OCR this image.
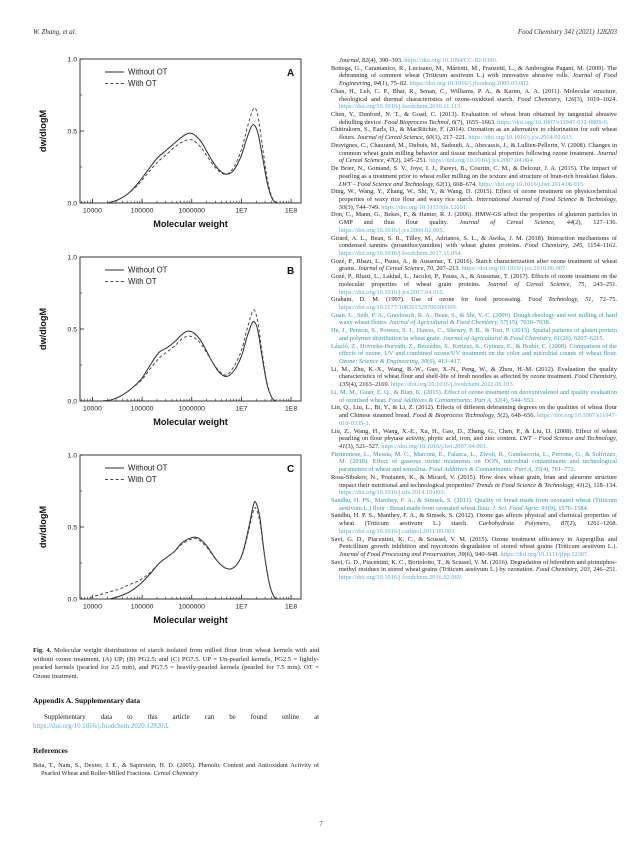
W. Zhang, et al.	Food Chemistry 341 (2021) 128203
10000	100000	1000000	1E7	1E8
0.0
0.5
1.0
Molecular weight
dw/dlogM
Without OT
With OT
A
10000	100000	1000000	1E7	1E8
0.0
0.5
1.0
Molecular weight
dw/dlogM
Without OT
With OT
B
10000	100000	1000000	1E7	1E8
0.0
0.5
1.0
Molecular weight
dw/dlogM
Without OT
With OT
C
Fig. 4. Molecular weight distributions of starch isolated from milled flour from wheat kernels with and without ozone treatment. (A) UP; (B) PG2.5; and (C) PG7.5. UP = Un-pearled kernels, PG2.5 = lightly-pearled kernels (pearled for 2.5 min), and PG7.5 = heavily-pearled kernels (pearled for 7.5 min). OT = Ozone treatment.
Appendix A. Supplementary data
Supplementary data to this article can be found online at https://doi.org/10.1016/j.foodchem.2020.128203.
References
Beta, T., Nam, S., Dexter, J. E., & Sapirstein, H. D. (2005). Phenolic Content and Antioxidant Activity of Pearled Wheat and Roller-Milled Fractions. Cereal Chemistry
Journal, 82(4), 390–393. https://doi.org/10.1094/CC-82-0390.
Bottega, G., Caramanico, R., Lucisano, M., Mariotti, M., Franzetti, L., & Ambrogina Pagani, M. (2009). The debranning of common wheat (Triticum aestivum L.) with innovative abrasive rolls. Journal of Food Engineering, 94(1), 75–82. https://doi.org/10.1016/j.jfoodeng.2009.03.002.
Chan, H., Leh, C. P., Bhat, R., Senan, C., Williams, P. A., & Karim, A. A. (2011). Molecular structure, rheological and thermal characteristics of ozone-oxidized starch. Food Chemistry, 126(3), 1019–1024. https://doi.org/10.1016/j.foodchem.2010.11.113.
Chen, Y., Dunford, N. T., & Goad, C. (2013). Evaluation of wheat bran obtained by tangential abrasive dehulling device. Food Bioprocess Technol, 6(7), 1655–1663. https://doi.org/10.1007/s11947-012-0809-6.
Chittrakorn, S., Earls, D., & MacRitchie, F. (2014). Ozonation as an alternative to chlorination for soft wheat flours. Journal of Cereal Science, 60(1), 217–221. https://doi.org/10.1016/j.jcs.2014.02.013.
Desvignes, C., Chaurand, M., Dubois, M., Sadoudi, A., Abecassis, J., & Lullien-Pellerin, V. (2008). Changes in common wheat grain milling behavior and tissue mechanical properties following ozone treatment. Journal of Cereal Science, 47(2), 245–251. https://doi.org/10.1016/j.jcs.2007.04.004.
De Brier, N., Gomand, S. V., Joye, I. J., Pareyt, B., Courtin, C. M., & Delcour, J. A. (2015). The impact of pearling as a treatment prior to wheat roller milling on the texture and structure of bran-rich breakfast flakes. LWT – Food Science and Technology, 62(1), 668–674. https://doi.org/10.1016/j.lwt.2014.08.015.
Ding, W., Wang, Y., Zhang, W., Shi, Y., & Wang, D. (2015). Effect of ozone treatment on physicochemical properties of waxy rice flour and waxy rice starch. International Journal of Food Science & Technology, 50(3), 744–749. https://doi.org/10.1111/ijfs.12691.
Don, C., Mann, G., Bekes, F., & Hamer, R. J. (2006). HMW-GS affect the properties of glutenin particles in GMP and thus flour quality. Journal of Cereal Science, 44(2), 127–136. https://doi.org/10.1016/j.jcs.2006.02.005.
Girard, A. L., Bean, S. R., Tilley, M., Adrianos, S. L., & Awika, J. M. (2018). Interaction mechanisms of condensed tannins (proanthocyanidins) with wheat gluten proteins. Food Chemistry, 245, 1154–1162. https://doi.org/10.1016/j.foodchem.2017.11.054.
Gozé, P., Rhazi, L., Pauss, A., & Aussenac, T. (2016). Starch characterization after ozone treatment of wheat grains. Journal of Cereal Science, 70, 207–213. https://doi.org/10.1016/j.jcs.2016.06.007.
Gozé, P., Rhazi, L., Lakhal, L., Jacolot, P., Pauss, A., & Aussenac, T. (2017). Effects of ozone treatment on the molecular properties of wheat grain proteins. Journal of Cereal Science, 75, 243–251. https://doi.org/10.1016/j.jcs.2017.04.016.
Graham, D. M. (1997). Use of ozone for food processing. Food Technology, 51, 72–75. https://doi.org/10.1177/108201329700300309.
Guan, L., Seib, P. A., Graybosch, R. A., Bean, S., & Shi, Y.-C. (2009). Dough rheology and wet milling of hard waxy wheat flours. Journal of Agricultural & Food Chemistry, 57(15), 7030–7038.
He, J., Penson, S., Powers, S. J., Hawes, C., Shewry, P. R., & Tosi, P. (2013). Spatial patterns of gluten protein and polymer distribution in wheat grain. Journal of Agricultural & Food Chemistry, 61(26), 6207–6215.
László, Z., Hovorka-Horváth, Z., Beszédes, S., Kertész, S., Gyimes, E., & Hodúr, C. (2008). Comparison of the effects of ozone, UV and combined ozone/UV treatment on the color and microbial counts of wheat flour. Ozone: Science & Engineering, 30(6), 413–417.
Li, M., Zhu, K.-X., Wang, B.-W., Guo, X.-N., Peng, W., & Zhou, H.-M. (2012). Evaluation the quality characteristics of wheat flour and shelf-life of fresh noodles as affected by ozone treatment. Food Chemistry, 135(4), 2163–2169. https://doi.org/10.1016/j.foodchem.2012.06.103.
Li, M. M., Guan, E. Q., & Bian, K. (2015). Effect of ozone treatment on deoxynivalenol and quality evaluation of ozonised wheat. Food Additives & Contaminants: Part A, 32(4), 544–553.
Lin, Q., Liu, L., Bi, Y., & Li, Z. (2012). Effects of different debranning degrees on the qualities of wheat flour and Chinese steamed bread. Food & Bioprocess Technology, 5(2), 648–656. https://doi.org/10.1007/s11947-010-0335-3.
Liu, Z., Wang, H., Wang, X.-E., Xu, H., Gao, D., Zhang, G., Chen, P., & Liu, D. (2008). Effect of wheat pearling on flour phytase activity, phytic acid, iron, and zinc content. LWT – Food Science and Technology, 41(3), 521–527. https://doi.org/10.1016/j.lwt.2007.04.001.
Piemontese, L., Messia, M. C., Marconi, E., Falasca, L., Zivoli, R., Gambacorta, L., Perrone, G., & Solfrizzo, M. (2018). Effect of gaseous ozone treatments on DON, microbial contaminants and technological parameters of wheat and semolina. Food Additives & Contaminants: Part A, 35(4), 761–772.
Rosa-Sibakov, N., Poutanen, K., & Micard, V. (2015). How does wheat grain, bran and aleurone structure impact their nutritional and technological properties? Trends in Food Science & Technology, 41(2), 118–134. https://doi.org/10.1016/j.tifs.2014.10.003.
Sandhu, H. PS., Manthey, F. A., & Simsek, S. (2011). Quality of bread made from ozonated wheat (Triticum aestivum L.) flour : Bread made from ozonated wheat flour. J. Sci. Food Agric. 91(9), 1576–1584.
Sandhu, H. P. S., Manthey, F. A., & Simsek, S. (2012). Ozone gas affects physical and chemical properties of wheat (Triticum aestivum L.) starch. Carbohydrate Polymers, 87(2), 1261–1268. https://doi.org/10.1016/j.carbpol.2011.09.003.
Savi, G. D., Piacentini, K. C., & Scussel, V. M. (2015). Ozone treatment efficiency in Aspergillus and Penicillium growth inhibition and mycotoxin degradation of stored wheat grains (Triticum aestivum L.). Journal of Food Processing and Preservation, 39(6), 940–948. https://doi.org/10.1111/jfpp.12307.
Savi, G. D., Piacentini, K. C., Bortolotto, T., & Scussel, V. M. (2016). Degradation of bifenthrin and pirimiphos-methyl residues in stored wheat grains (Triticum aestivum L.) by ozonation. Food Chemistry, 203, 246–251. https://doi.org/10.1016/j.foodchem.2016.02.069.
7
